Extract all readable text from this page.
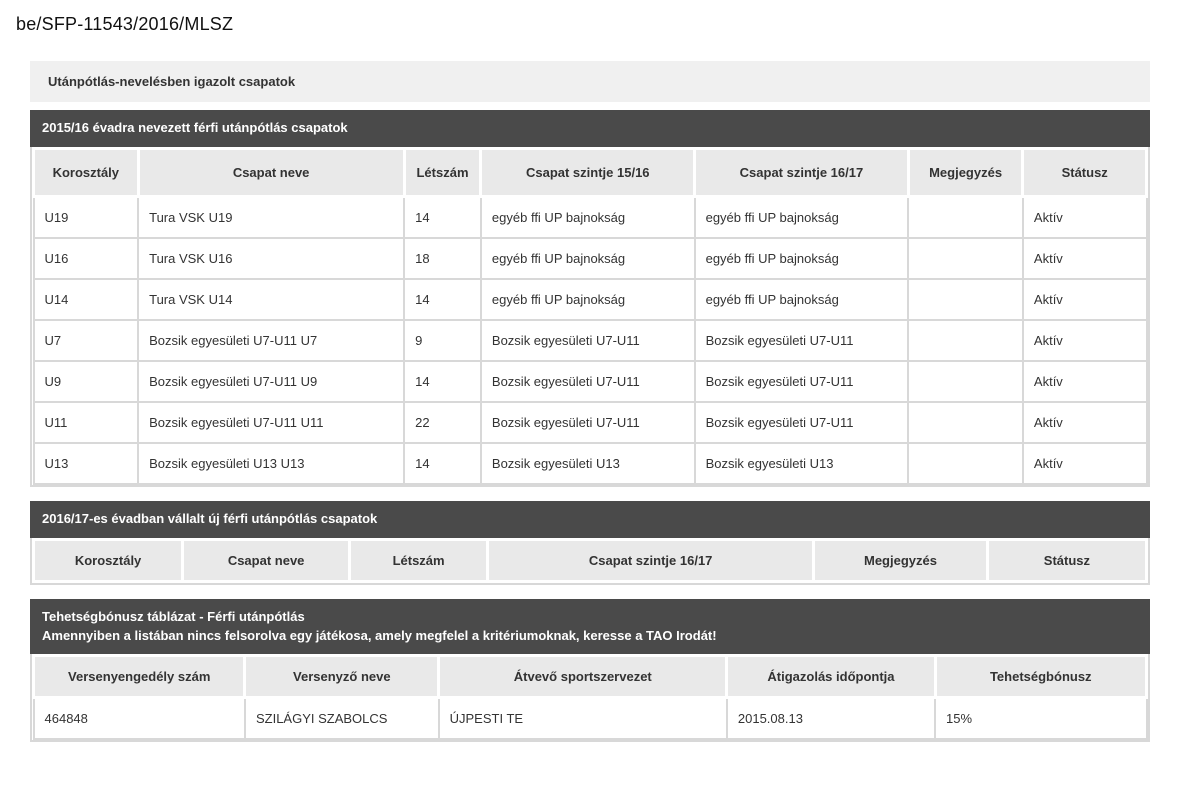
be/SFP-11543/2016/MLSZ
Utánpótlás-nevelésben igazolt csapatok
2015/16 évadra nevezett férfi utánpótlás csapatok
Korosztály	Csapat neve	Létszám	Csapat szintje 15/16	Csapat szintje 16/17	Megjegyzés	Státusz
U19	Tura VSK U19	14	egyéb ffi UP bajnokság	egyéb ffi UP bajnokság		Aktív
U16	Tura VSK U16	18	egyéb ffi UP bajnokság	egyéb ffi UP bajnokság		Aktív
U14	Tura VSK U14	14	egyéb ffi UP bajnokság	egyéb ffi UP bajnokság		Aktív
U7	Bozsik egyesületi U7-U11 U7	9	Bozsik egyesületi U7-U11	Bozsik egyesületi U7-U11		Aktív
U9	Bozsik egyesületi U7-U11 U9	14	Bozsik egyesületi U7-U11	Bozsik egyesületi U7-U11		Aktív
U11	Bozsik egyesületi U7-U11 U11	22	Bozsik egyesületi U7-U11	Bozsik egyesületi U7-U11		Aktív
U13	Bozsik egyesületi U13 U13	14	Bozsik egyesületi U13	Bozsik egyesületi U13		Aktív
2016/17-es évadban vállalt új férfi utánpótlás csapatok
Korosztály	Csapat neve	Létszám	Csapat szintje 16/17	Megjegyzés	Státusz
Tehetségbónusz táblázat - Férfi utánpótlás
Amennyiben a listában nincs felsorolva egy játékosa, amely megfelel a kritériumoknak, keresse a TAO Irodát!
Versenyengedély szám	Versenyző neve	Átvevő sportszervezet	Átigazolás időpontja	Tehetségbónusz
464848	SZILÁGYI SZABOLCS	ÚJPESTI TE	2015.08.13	15%
